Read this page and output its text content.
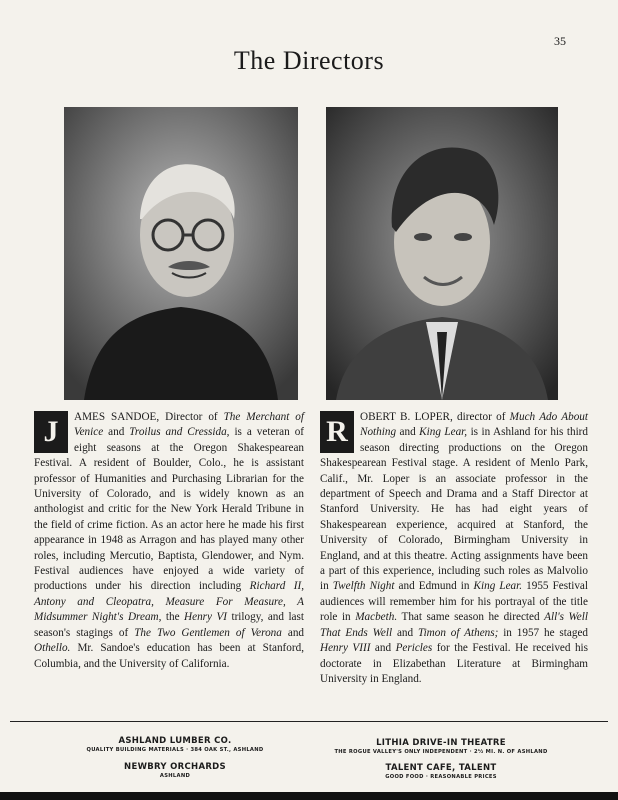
35
The Directors
J	AMES SANDOE, Director of The Merchant of Venice and Troilus and Cressida, is a veteran of eight seasons at the Oregon Shakespearean Festival. A resident of Boulder, Colo., he is assistant professor of Humanities and Purchasing Librarian for the University of Colorado, and is widely known as an anthologist and critic for the New York Herald Tribune in the field of crime fiction. As an actor here he made his first appearance in 1948 as Arragon and has played many other roles, including Mercutio, Baptista, Glendower, and Nym. Festival audiences have enjoyed a wide variety of productions under his direction including Richard II, Antony and Cleopatra, Measure For Measure, A Midsummer Night's Dream, the Henry VI trilogy, and last season's stagings of The Two Gentlemen of Verona and Othello. Mr. Sandoe's education has been at Stanford, Columbia, and the University of California.
R	OBERT B. LOPER, director of Much Ado About Nothing and King Lear, is in Ashland for his third season directing productions on the Oregon Shakespearean Festival stage. A resident of Menlo Park, Calif., Mr. Loper is an associate professor in the department of Speech and Drama and a Staff Director at Stanford University. He has had eight years of Shakespearean experience, acquired at Stanford, the University of Colorado, Birmingham University in England, and at this theatre. Acting assignments have been a part of this experience, including such roles as Malvolio in Twelfth Night and Edmund in King Lear. 1955 Festival audiences will remember him for his portrayal of the title role in Macbeth. That same season he directed All's Well That Ends Well and Timon of Athens; in 1957 he staged Henry VIII and Pericles for the Festival. He received his doctorate in Elizabethan Literature at Birmingham University in England.
ASHLAND LUMBER CO.
QUALITY BUILDING MATERIALS · 384 OAK ST., ASHLAND
NEWBRY ORCHARDS
ASHLAND
LITHIA DRIVE-IN THEATRE
THE ROGUE VALLEY'S ONLY INDEPENDENT · 2½ MI. N. OF ASHLAND
TALENT CAFE, TALENT
GOOD FOOD · REASONABLE PRICES
